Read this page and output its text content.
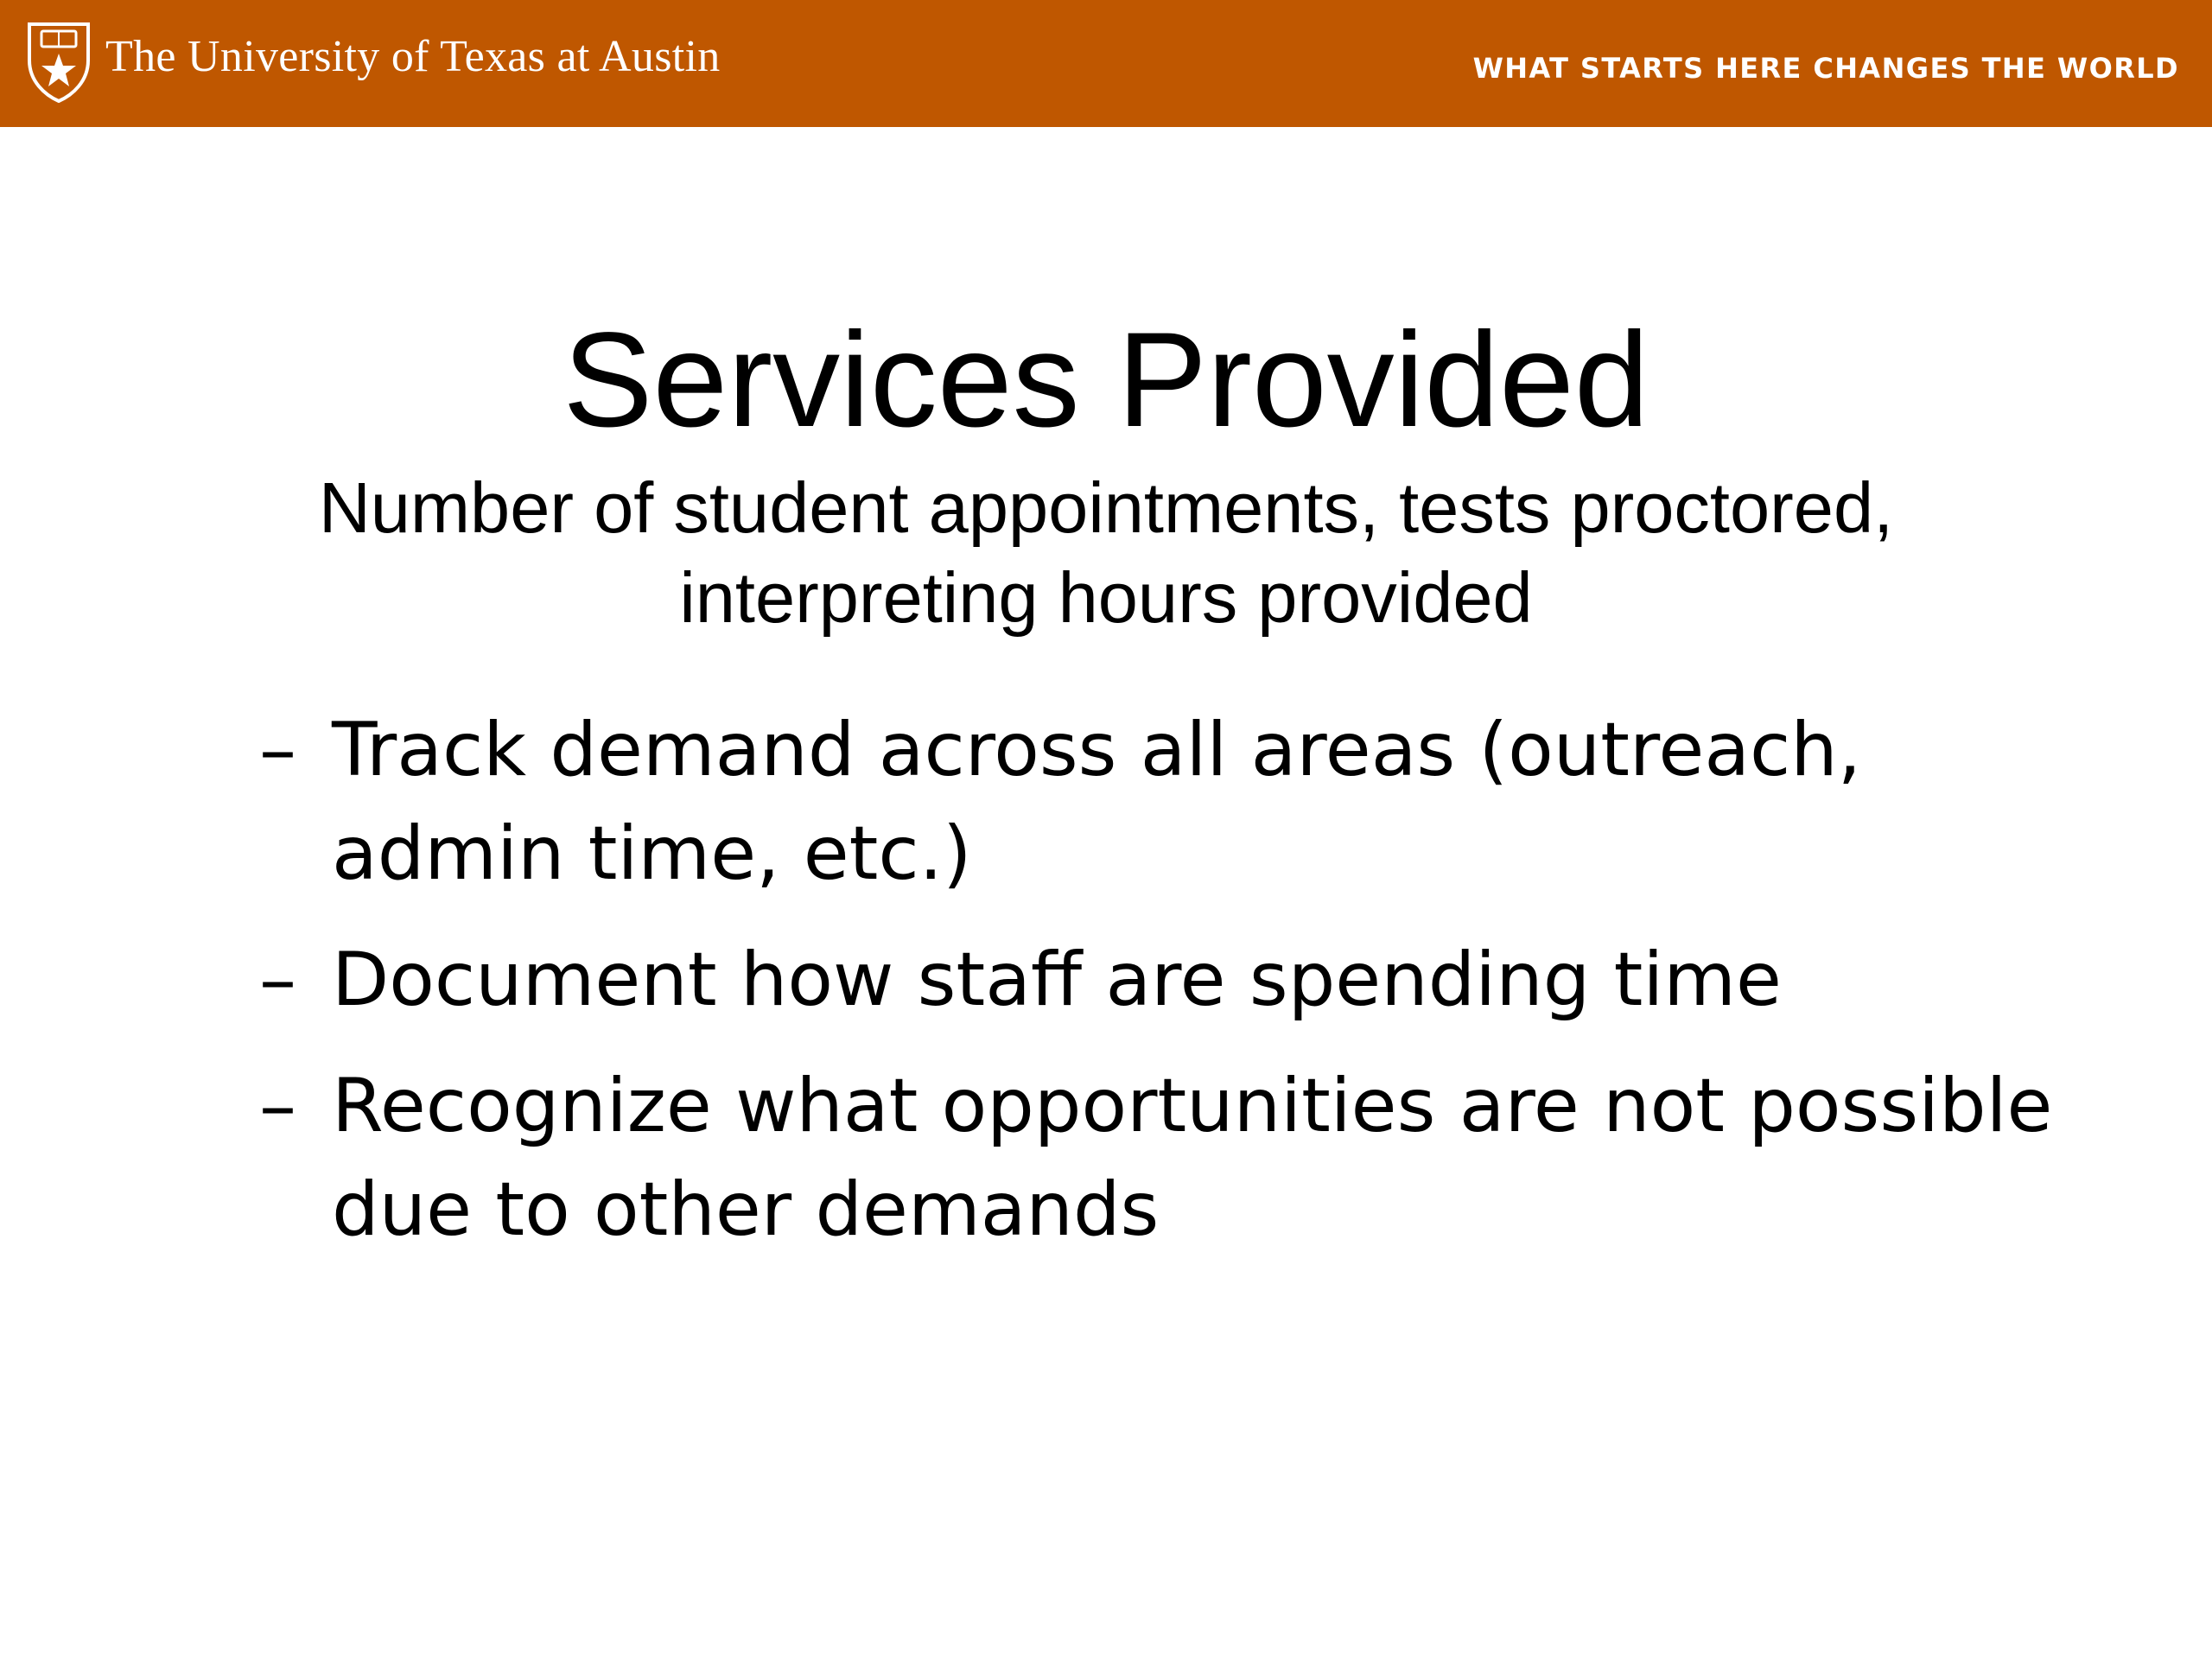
The University of Texas at Austin	WHAT STARTS HERE CHANGES THE WORLD
Services Provided
Number of student appointments, tests proctored, interpreting hours provided
– Track demand across all areas (outreach, admin time, etc.)
– Document how staff are spending time
– Recognize what opportunities are not possible due to other demands
